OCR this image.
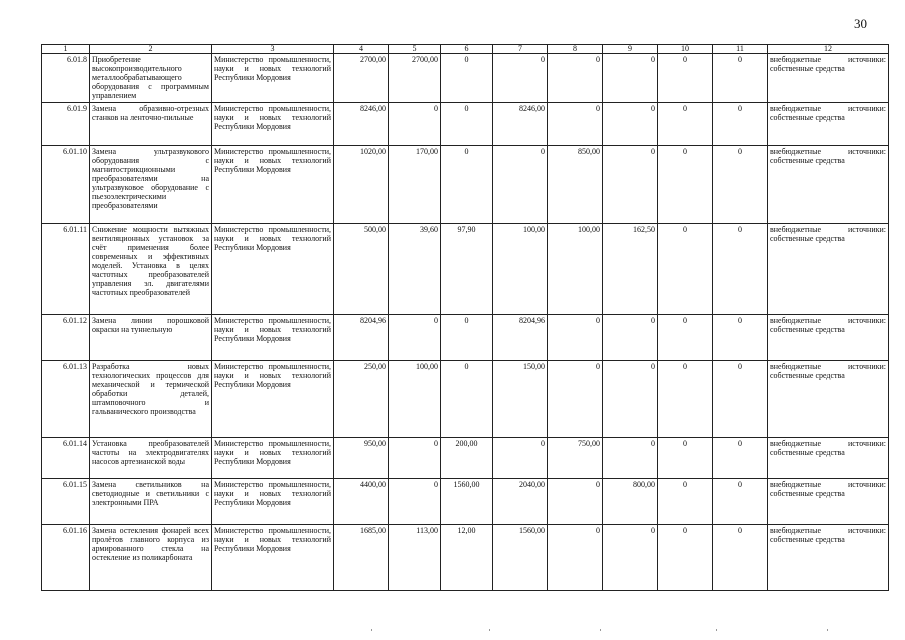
30
1	2	3	4	5	6	7	8	9	10	11	12
6.01.8	Приобретение высокопроизводительного металлообрабатывающего оборудования с программным управлением	Министерство промышленности, науки и новых технологий Республики Мордовия	2700,00	2700,00	0	0	0	0	0	0	внебюджетные источники: собственные средства
6.01.9	Замена образивно-отрезных станков на ленточно-пильные	Министерство промышленности, науки и новых технологий Республики Мордовия	8246,00	0	0	8246,00	0	0	0	0	внебюджетные источники: собственные средства
6.01.10	Замена ультразвукового оборудования с магнитострикционными преобразователями на ультразвуковое оборудование с пьезоэлектрическими преобразователями	Министерство промышленности, науки и новых технологий Республики Мордовия	1020,00	170,00	0	0	850,00	0	0	0	внебюджетные источники: собственные средства
6.01.11	Снижение мощности вытяжных вентиляционных установок за счёт применения более современных и эффективных моделей. Установка в целях частотных преобразователей управления эл. двигателями частотных преобразователей	Министерство промышленности, науки и новых технологий Республики Мордовия	500,00	39,60	97,90	100,00	100,00	162,50	0	0	внебюджетные источники: собственные средства
6.01.12	Замена линии порошковой окраски на туннельную	Министерство промышленности, науки и новых технологий Республики Мордовия	8204,96	0	0	8204,96	0	0	0	0	внебюджетные источники: собственные средства
6.01.13	Разработка новых технологических процессов для механической и термической обработки деталей, штамповочного и гальванического производства	Министерство промышленности, науки и новых технологий Республики Мордовия	250,00	100,00	0	150,00	0	0	0	0	внебюджетные источники: собственные средства
6.01.14	Установка преобразователей частоты на электродвигателях насосов артезианской воды	Министерство промышленности, науки и новых технологий Республики Мордовия	950,00	0	200,00	0	750,00	0	0	0	внебюджетные источники: собственные средства
6.01.15	Замена светильников на светодиодные и светильники с электронными ПРА	Министерство промышленности, науки и новых технологий Республики Мордовия	4400,00	0	1560,00	2040,00	0	800,00	0	0	внебюджетные источники: собственные средства
6.01.16	Замена остекления фонарей всех пролётов главного корпуса из армированного стекла на остекление из поликарбоната	Министерство промышленности, науки и новых технологий Республики Мордовия	1685,00	113,00	12,00	1560,00	0	0	0	0	внебюджетные источники: собственные средства
